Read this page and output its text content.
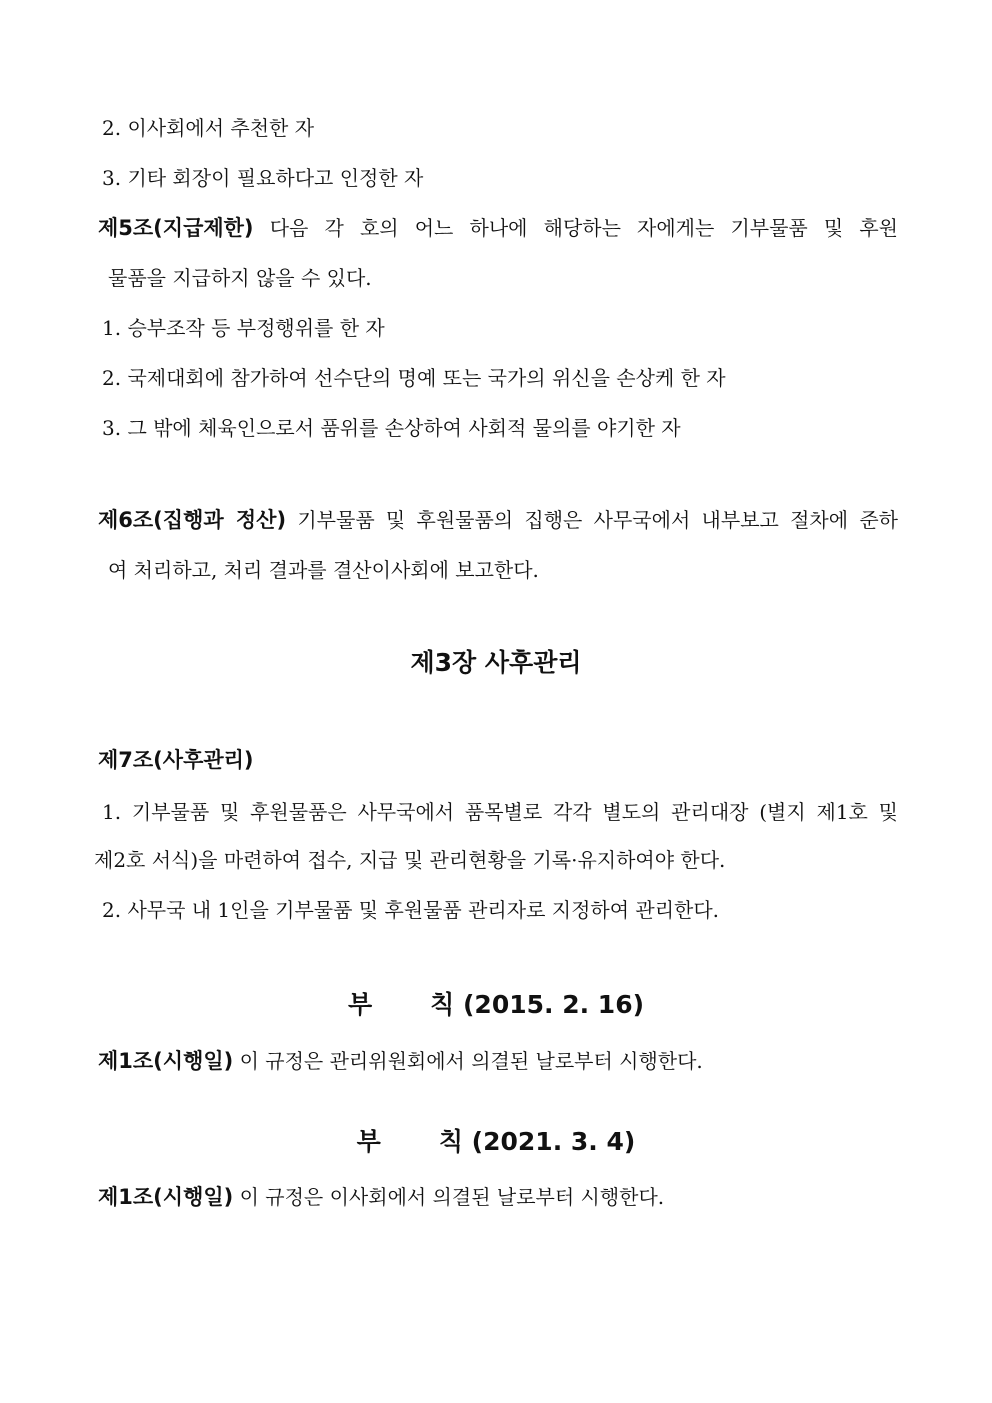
2. 이사회에서 추천한 자
3. 기타 회장이 필요하다고 인정한 자
제5조(지급제한) 다음 각 호의 어느 하나에 해당하는 자에게는 기부물품 및 후원
물품을 지급하지 않을 수 있다.
1. 승부조작 등 부정행위를 한 자
2. 국제대회에 참가하여 선수단의 명예 또는 국가의 위신을 손상케 한 자
3. 그 밖에 체육인으로서 품위를 손상하여 사회적 물의를 야기한 자
제6조(집행과 정산) 기부물품 및 후원물품의 집행은 사무국에서 내부보고 절차에 준하
여 처리하고, 처리 결과를 결산이사회에 보고한다.
제3장 사후관리
제7조(사후관리)
1. 기부물품 및 후원물품은 사무국에서 품목별로 각각 별도의 관리대장 (별지 제1호 및
제2호 서식)을 마련하여 접수, 지급 및 관리현황을 기록·유지하여야 한다.
2. 사무국 내 1인을 기부물품 및 후원물품 관리자로 지정하여 관리한다.
부 칙 (2015. 2. 16)
제1조(시행일) 이 규정은 관리위원회에서 의결된 날로부터 시행한다.
부 칙 (2021. 3. 4)
제1조(시행일) 이 규정은 이사회에서 의결된 날로부터 시행한다.
